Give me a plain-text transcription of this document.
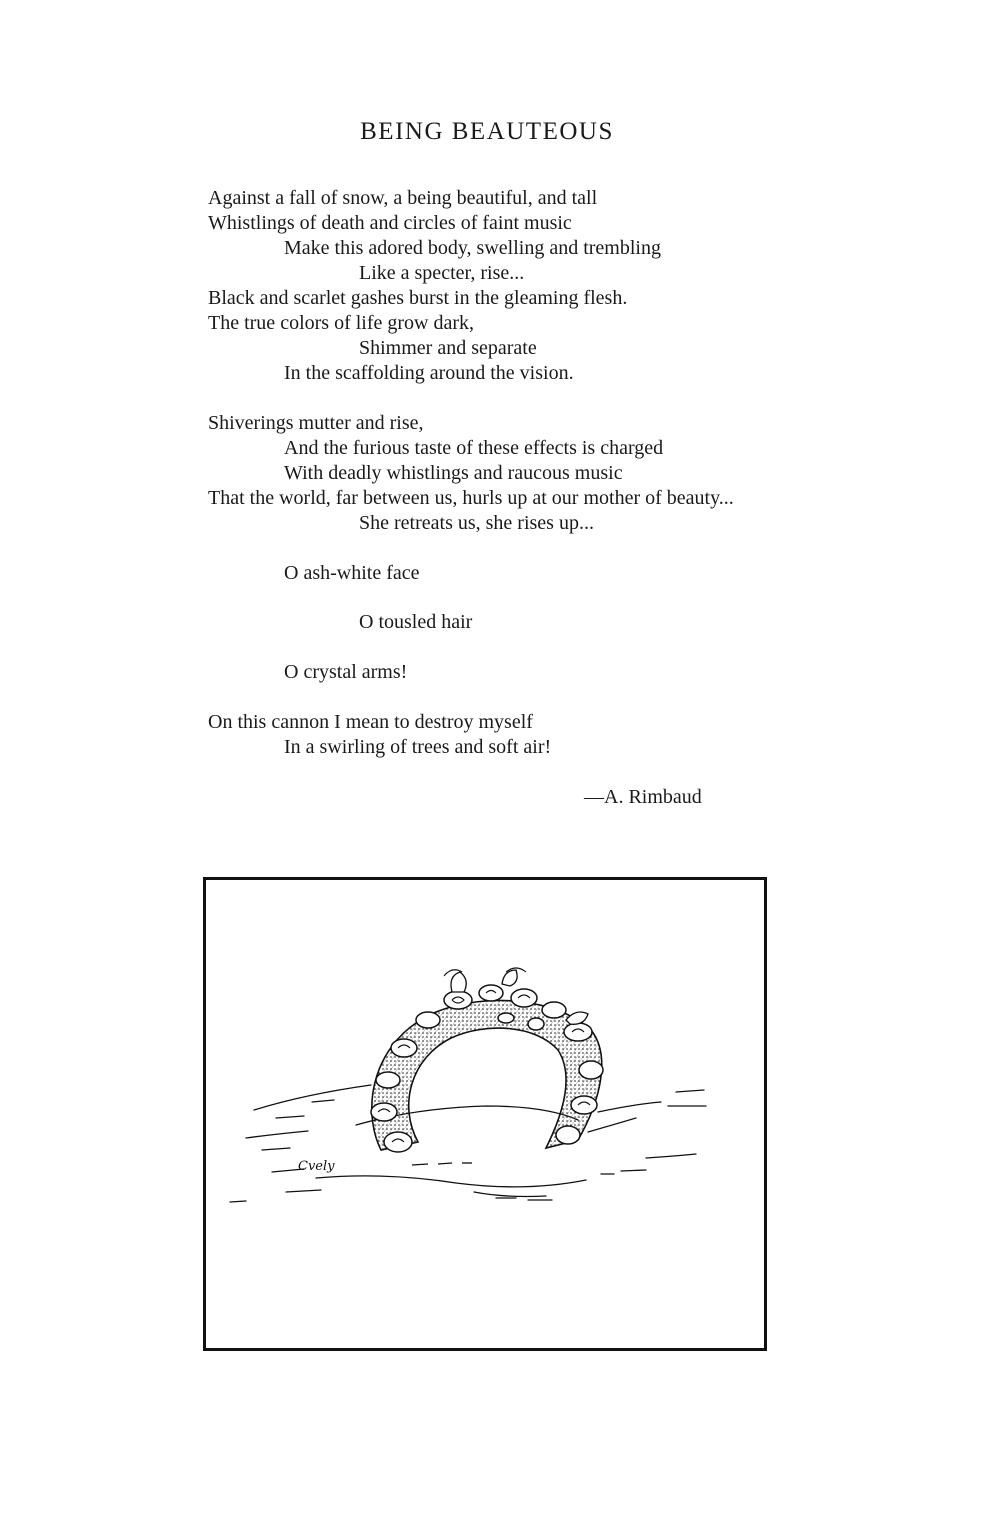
BEING BEAUTEOUS

Against a fall of snow, a being beautiful, and tall

Whistlings of death and circles of faint music

Make this adored body, swelling and trembling

Like a specter, rise...

Black and scarlet gashes burst in the gleaming flesh.

The true colors of life grow dark,

Shimmer and separate

In the scaffolding around the vision.

Shiverings mutter and rise,

And the furious taste of these effects is charged

With deadly whistlings and raucous music

That the world, far between us, hurls up at our mother of beauty...

She retreats us, she rises up...

O ash-white face

O tousled hair

O crystal arms!

On this cannon I mean to destroy myself

In a swirling of trees and soft air!

—A. Rimbaud
Cvely
